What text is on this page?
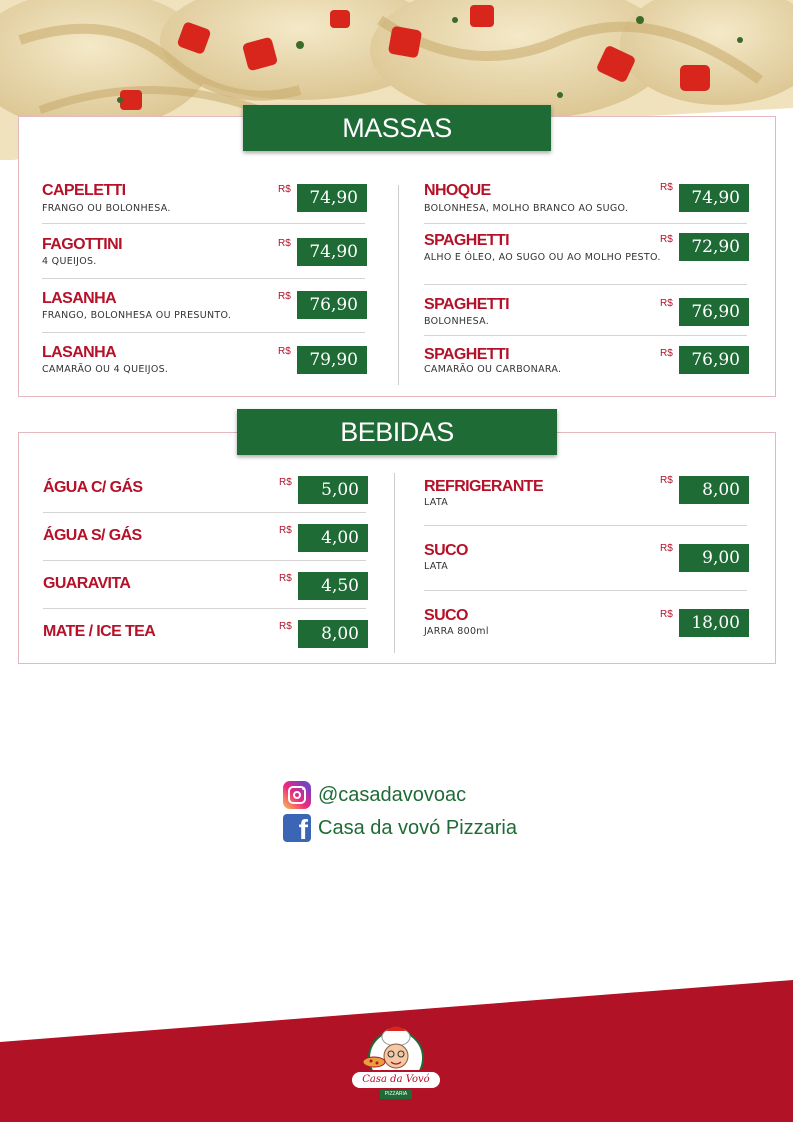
CAPELETTI
FRANGO OU BOLONHESA.
R$	74,90
FAGOTTINI
4 QUEIJOS.
R$	74,90
LASANHA
FRANGO, BOLONHESA OU PRESUNTO.
R$	76,90
LASANHA
CAMARÃO OU 4 QUEIJOS.
R$	79,90
NHOQUE
BOLONHESA, MOLHO BRANCO AO SUGO.
R$
74,90
SPAGHETTI
ALHO E ÓLEO, AO SUGO OU AO MOLHO PESTO.
R$	72,90
SPAGHETTI
BOLONHESA.
R$	76,90
SPAGHETTI
CAMARÃO OU CARBONARA.
R$	76,90
MASSAS
ÁGUA C/ GÁS	R$	5,00
ÁGUA S/ GÁS	R$	4,00
GUARAVITA	R$	4,50
MATE / ICE TEA	R$	8,00
REFRIGERANTE
LATA
R$	8,00
SUCO
LATA
R$	9,00
SUCO
JARRA 800ml
R$	18,00
BEBIDAS
@casadavovoac
f Casa da vovó Pizzaria
Casa da Vovó
PIZZARIA
